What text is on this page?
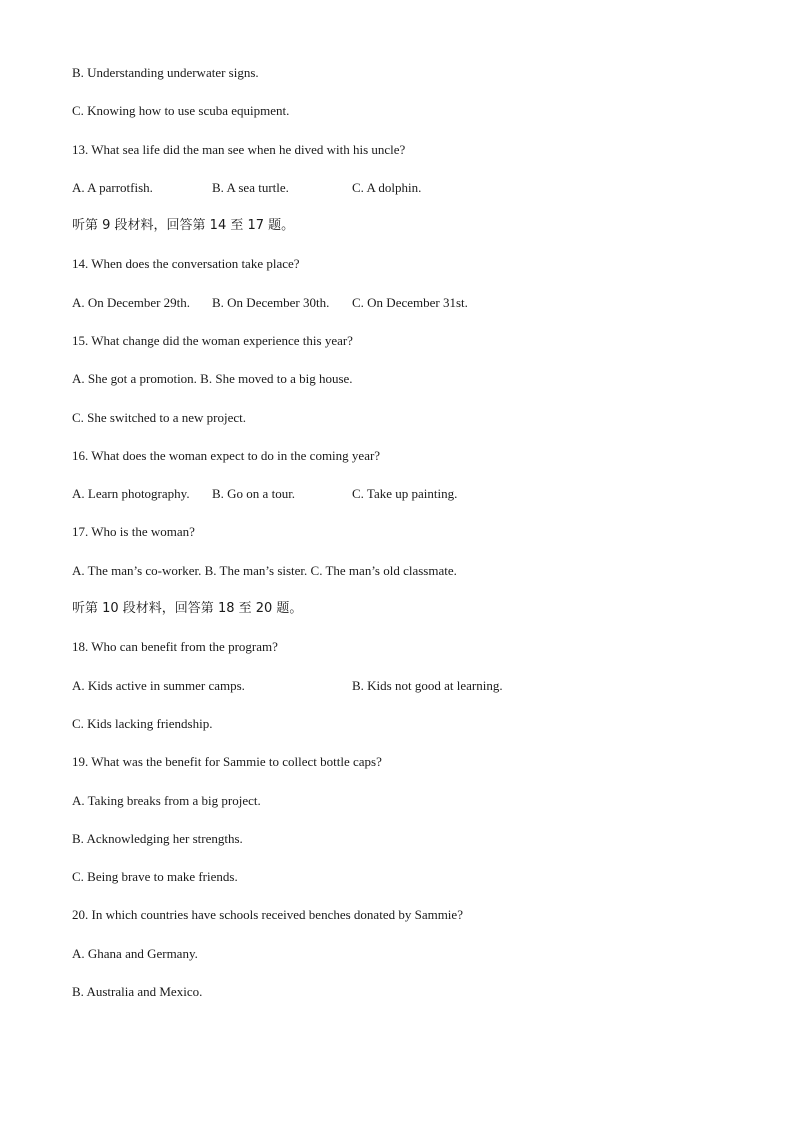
B. Understanding underwater signs.
C. Knowing how to use scuba equipment.
13. What sea life did the man see when he dived with his uncle?
A. A parrotfish.	B. A sea turtle.	C. A dolphin.
听第 9 段材料，回答第 14 至 17 题。
14. When does the conversation take place?
A. On December 29th. B. On December 30th. C. On December 31st.
15. What change did the woman experience this year?
A. She got a promotion. B. She moved to a big house.
C. She switched to a new project.
16. What does the woman expect to do in the coming year?
A. Learn photography. B. Go on a tour.	C. Take up painting.
17. Who is the woman?
A. The man’s co-worker. B. The man’s sister. C. The man’s old classmate.
听第 10 段材料，回答第 18 至 20 题。
18. Who can benefit from the program?
A. Kids active in summer camps.	B. Kids not good at learning.
C. Kids lacking friendship.
19. What was the benefit for Sammie to collect bottle caps?
A. Taking breaks from a big project.
B. Acknowledging her strengths.
C. Being brave to make friends.
20. In which countries have schools received benches donated by Sammie?
A. Ghana and Germany.
B. Australia and Mexico.
